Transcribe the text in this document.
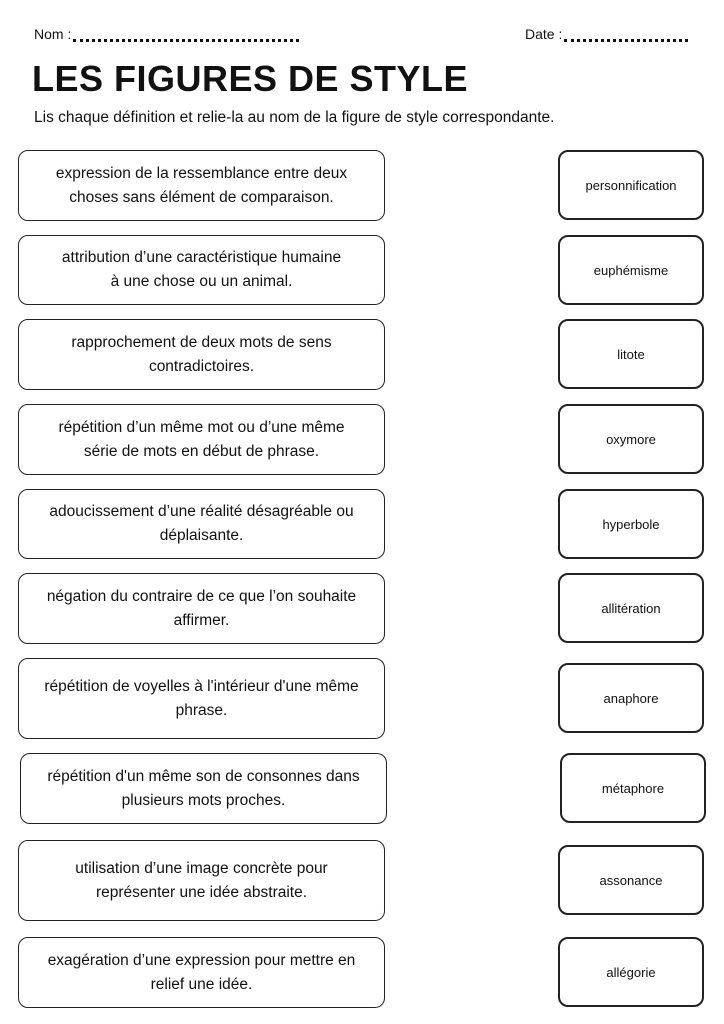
Nom :	Date :
LES FIGURES DE STYLE
Lis chaque définition et relie-la au nom de la figure de style correspondante.
expression de la ressemblance entre deux
choses sans élément de comparaison.
attribution d’une caractéristique humaine
à une chose ou un animal.
rapprochement de deux mots de sens
contradictoires.
répétition d’un même mot ou d’une même
série de mots en début de phrase.
adoucissement d’une réalité désagréable ou
déplaisante.
négation du contraire de ce que l’on souhaite
affirmer.
répétition de voyelles à l'intérieur d'une même
phrase.
répétition d'un même son de consonnes dans
plusieurs mots proches.
utilisation d’une image concrète pour
représenter une idée abstraite.
exagération d’une expression pour mettre en
relief une idée.
personnification
euphémisme
litote
oxymore
hyperbole
allitération
anaphore
métaphore
assonance
allégorie
